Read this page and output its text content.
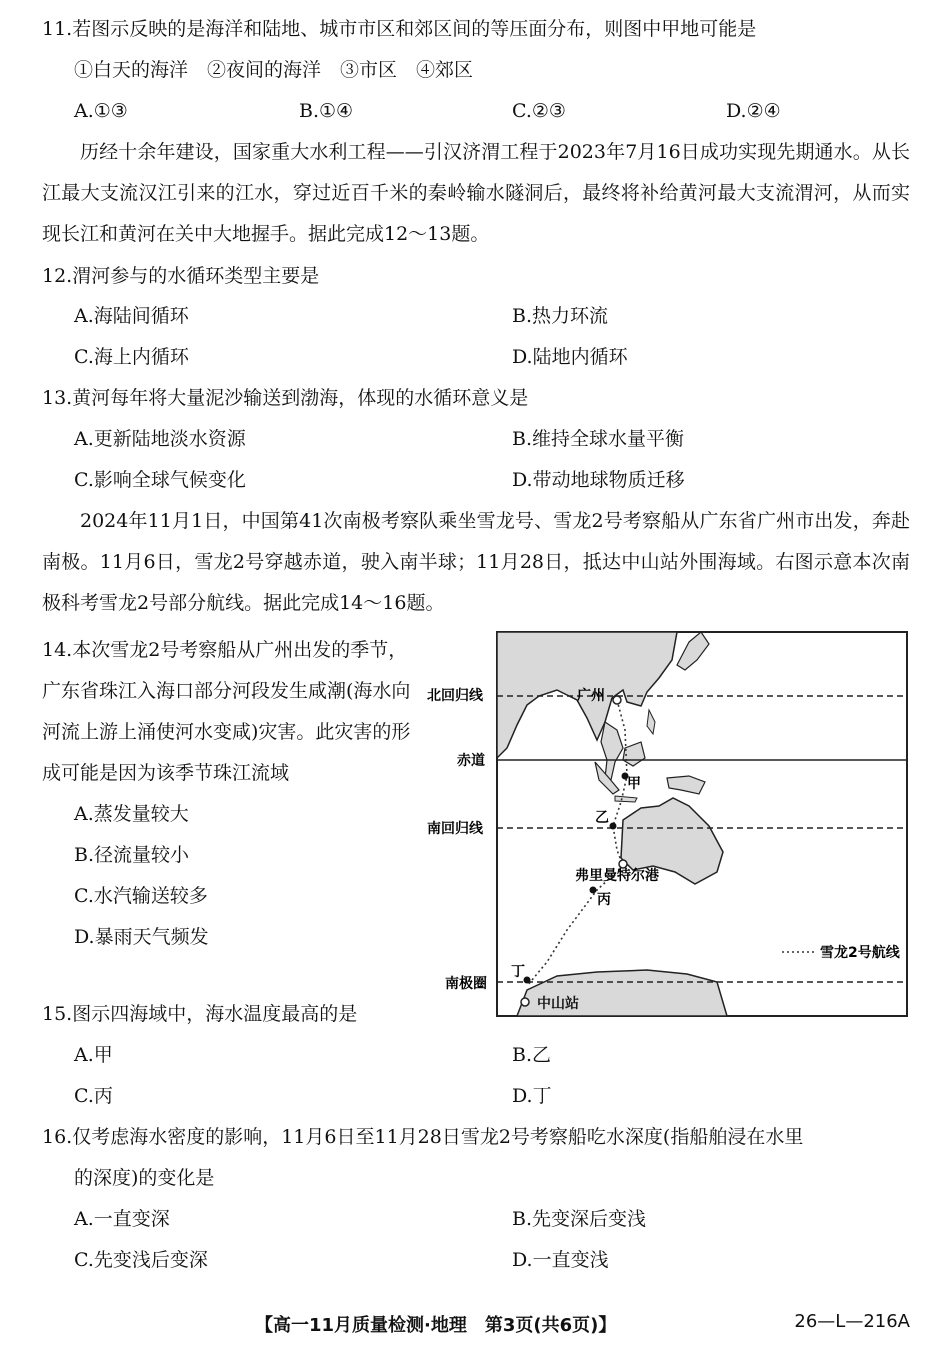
11.若图示反映的是海洋和陆地、城市市区和郊区间的等压面分布，则图中甲地可能是
①白天的海洋　②夜间的海洋　③市区　④郊区
A.①③	B.①④	C.②③	D.②④
历经十余年建设，国家重大水利工程——引汉济渭工程于2023年7月16日成功实现先期通水。从长江最大支流汉江引来的江水，穿过近百千米的秦岭输水隧洞后，最终将补给黄河最大支流渭河，从而实现长江和黄河在关中大地握手。据此完成12～13题。
12.渭河参与的水循环类型主要是
A.海陆间循环	B.热力环流
C.海上内循环	D.陆地内循环
13.黄河每年将大量泥沙输送到渤海，体现的水循环意义是
A.更新陆地淡水资源	B.维持全球水量平衡
C.影响全球气候变化	D.带动地球物质迁移
2024年11月1日，中国第41次南极考察队乘坐雪龙号、雪龙2号考察船从广东省广州市出发，奔赴南极。11月6日，雪龙2号穿越赤道，驶入南半球；11月28日，抵达中山站外围海域。右图示意本次南极科考雪龙2号部分航线。据此完成14～16题。
14.本次雪龙2号考察船从广州出发的季节，广东省珠江入海口部分河段发生咸潮(海水向河流上游上涌使河水变咸)灾害。此灾害的形成可能是因为该季节珠江流域
A.蒸发量较大
B.径流量较小
C.水汽输送较多
D.暴雨天气频发
北回归线
赤道
南回归线
南极圈
广州
甲
乙
弗里曼特尔港
丙
丁
中山站
雪龙2号航线
15.图示四海域中，海水温度最高的是
A.甲	B.乙
C.丙	D.丁
16.仅考虑海水密度的影响，11月6日至11月28日雪龙2号考察船吃水深度(指船舶浸在水里
的深度)的变化是
A.一直变深	B.先变深后变浅
C.先变浅后变深	D.一直变浅
【高一11月质量检测·地理　第3页(共6页)】	26—L—216A
